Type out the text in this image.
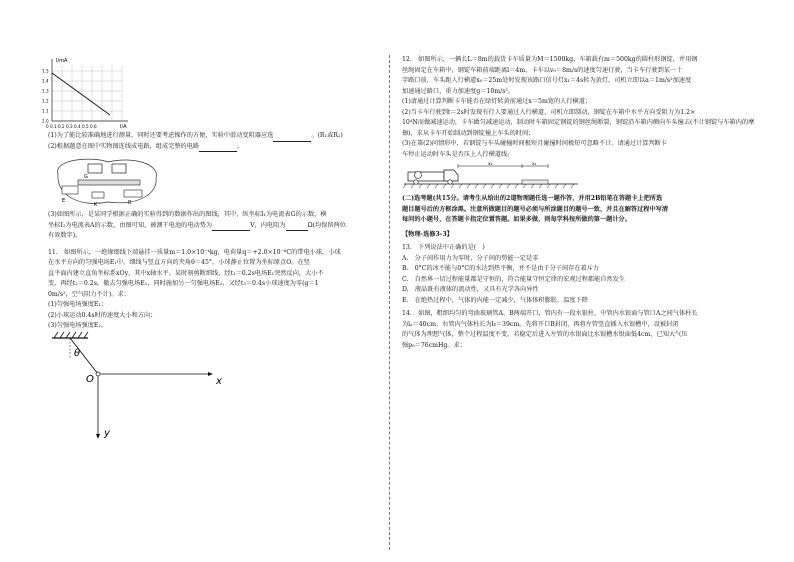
I/mA
I/A
0 0.1 0.2 0.3 0.4 0.5 0.6
1.5
1.4
1.3
1.2
1.1
1.0

(1)为了能比较准确地进行测量，同时还要考虑操作的方便，实验中滑动变阻器应选	。(R₁或R₂)

(2)根据题意在图中实物图连线成电路，组成完整的电路	。

E
K
G
R

(3)如图所示，是某同学根据正确的实验得到的数据作出的图线，其中，纵坐标I₁为电流表G的示数，横

坐标I₂为电流表A的示数，由图可知，被测干电池的电动势为	V，内电阻为	Ω(均保留两位

有效数字)。

11.　如图所示，一绝缘细线下端悬挂一质量m＝1.0×10⁻⁴kg，电荷量q＝+2.0×10⁻⁶C的带电小球，小球

在水平方向的匀强电场E₁中，细线与竖直方向的夹角θ＝45°，小球静止位置为坐标原点O。在竖

直平面内建立直角坐标系xOy，其中x轴水平。某时刻剪断细线，经t₁＝0.2s电场E₁突然反向，大小不

变，再经t₂＝0.2s，撤去匀强电场E₁，同时施加另一匀强电场E₂，又经t₃＝0.4s小球速度为零(g＝1

0m/s²，空气阻力不计)。求：

(1)匀强电场强度E₁；

(2)小球运动0.4s时的速度大小和方向；

(3)匀强电场强度E₂。

θ
O	x
y

12.　如图所示，一辆长L＝8m的载货卡车质量为M＝1500kg，车箱载有m＝500kg的圆柱形钢锭，并用钢

丝绳固定在车箱中，钢锭车箱前端距离l＝4m。卡车以v₀＝8m/s的速度匀速行驶，当卡车行驶到某一十

字路口前，车头距人行横道x₀＝25m处时发现该路口信号灯x₁＝4s转为黄灯，司机立即以a＝1m/s²加速度

加速通过路口，重力加速度g＝10m/s²。

(1)请通过计算判断卡车能否在绿灯转黄前通过x＝5m宽的人行横道；

(2)当卡车行驶到t＝2s时发现有行人要通过人行横道，司机立即制动，钢锭在车箱中水平方向受阻力为1.2×

10⁴N而做减速运动，卡车做匀减速运动，制动时车箱固定钢锭的钢丝绳断裂，钢锭沿车箱内侧向车头撞去(不计钢锭与车箱内的摩

擦)，求从卡车开始制动到钢锭撞上车头的时间；

(3)在第(2)问情形中，若钢锭与车头碰撞时间极短且碰撞时间极短可忽略不计。请通过计算判断卡

车停止运动时车头是否压上人行横道线。

x₀	x₁

(二)选考题(共15分。请考生从给出的2道物理题任选一题作答，并用2B铅笔在答题卡上把所选

题目题号后的方框涂黑。注意所做题目的题号必须与所涂题目的题号一致，并且在解答过程中写清

每问的小题号，在答题卡指定位置答题。如果多做，则每学科按所做的第一题计分。

【物理-选修3-3】

13.　下列说法中正确的是(　)

A.　分子间作用力为零时，分子间的势能一定是零

B.　0°C的冰不能与0°C的水达到热平衡，并不是由于分子间存在着斥力

C.　自然界一切过程能量都是守恒的，符合能量守恒定律的宏观过程都能自然发生

D.　液晶既有液体的流动性，又具有光学各向异性

E.　在绝热过程中，气体的内能一定减少，气体体积膨胀，温度下降

14.　如图，粗细均匀的弯曲玻璃管A、B两端开口，管内有一段水银柱，中管内水银面与管口A之间气体柱长

为lₐ＝40cm，右管内气体柱长为lᵦ＝39cm。先将开口B封闭，再将左管竖直插入水银槽中，设被封闭

的气体为理想气体，整个过程温度不变，若稳定后进入左管的水银面比水银槽水银面低4cm，已知大气压

强p₀＝76cmHg。求：
